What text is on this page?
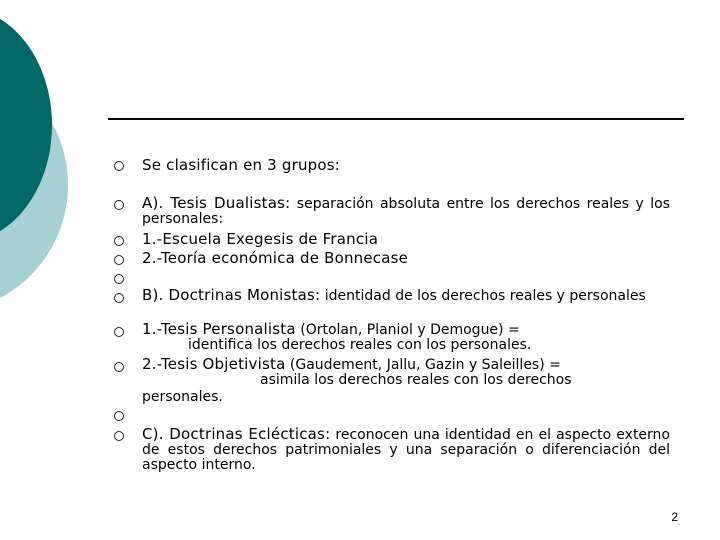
Se clasifican en 3 grupos:
A). Tesis Dualistas: separación absoluta entre los derechos reales y los personales:
1.-Escuela Exegesis de Francia
2.-Teoría económica de Bonnecase
B). Doctrinas Monistas: identidad de los derechos reales y personales
1.-Tesis Personalista (Ortolan, Planiol y Demogue) =
identifica los derechos reales con los personales.
2.-Tesis Objetivista (Gaudement, Jallu, Gazin y Saleilles) =
asimila los derechos reales con los derechos
personales.
C). Doctrinas Eclécticas: reconocen una identidad en el aspecto externo de estos derechos patrimoniales y una separación o diferenciación del aspecto interno.
2
